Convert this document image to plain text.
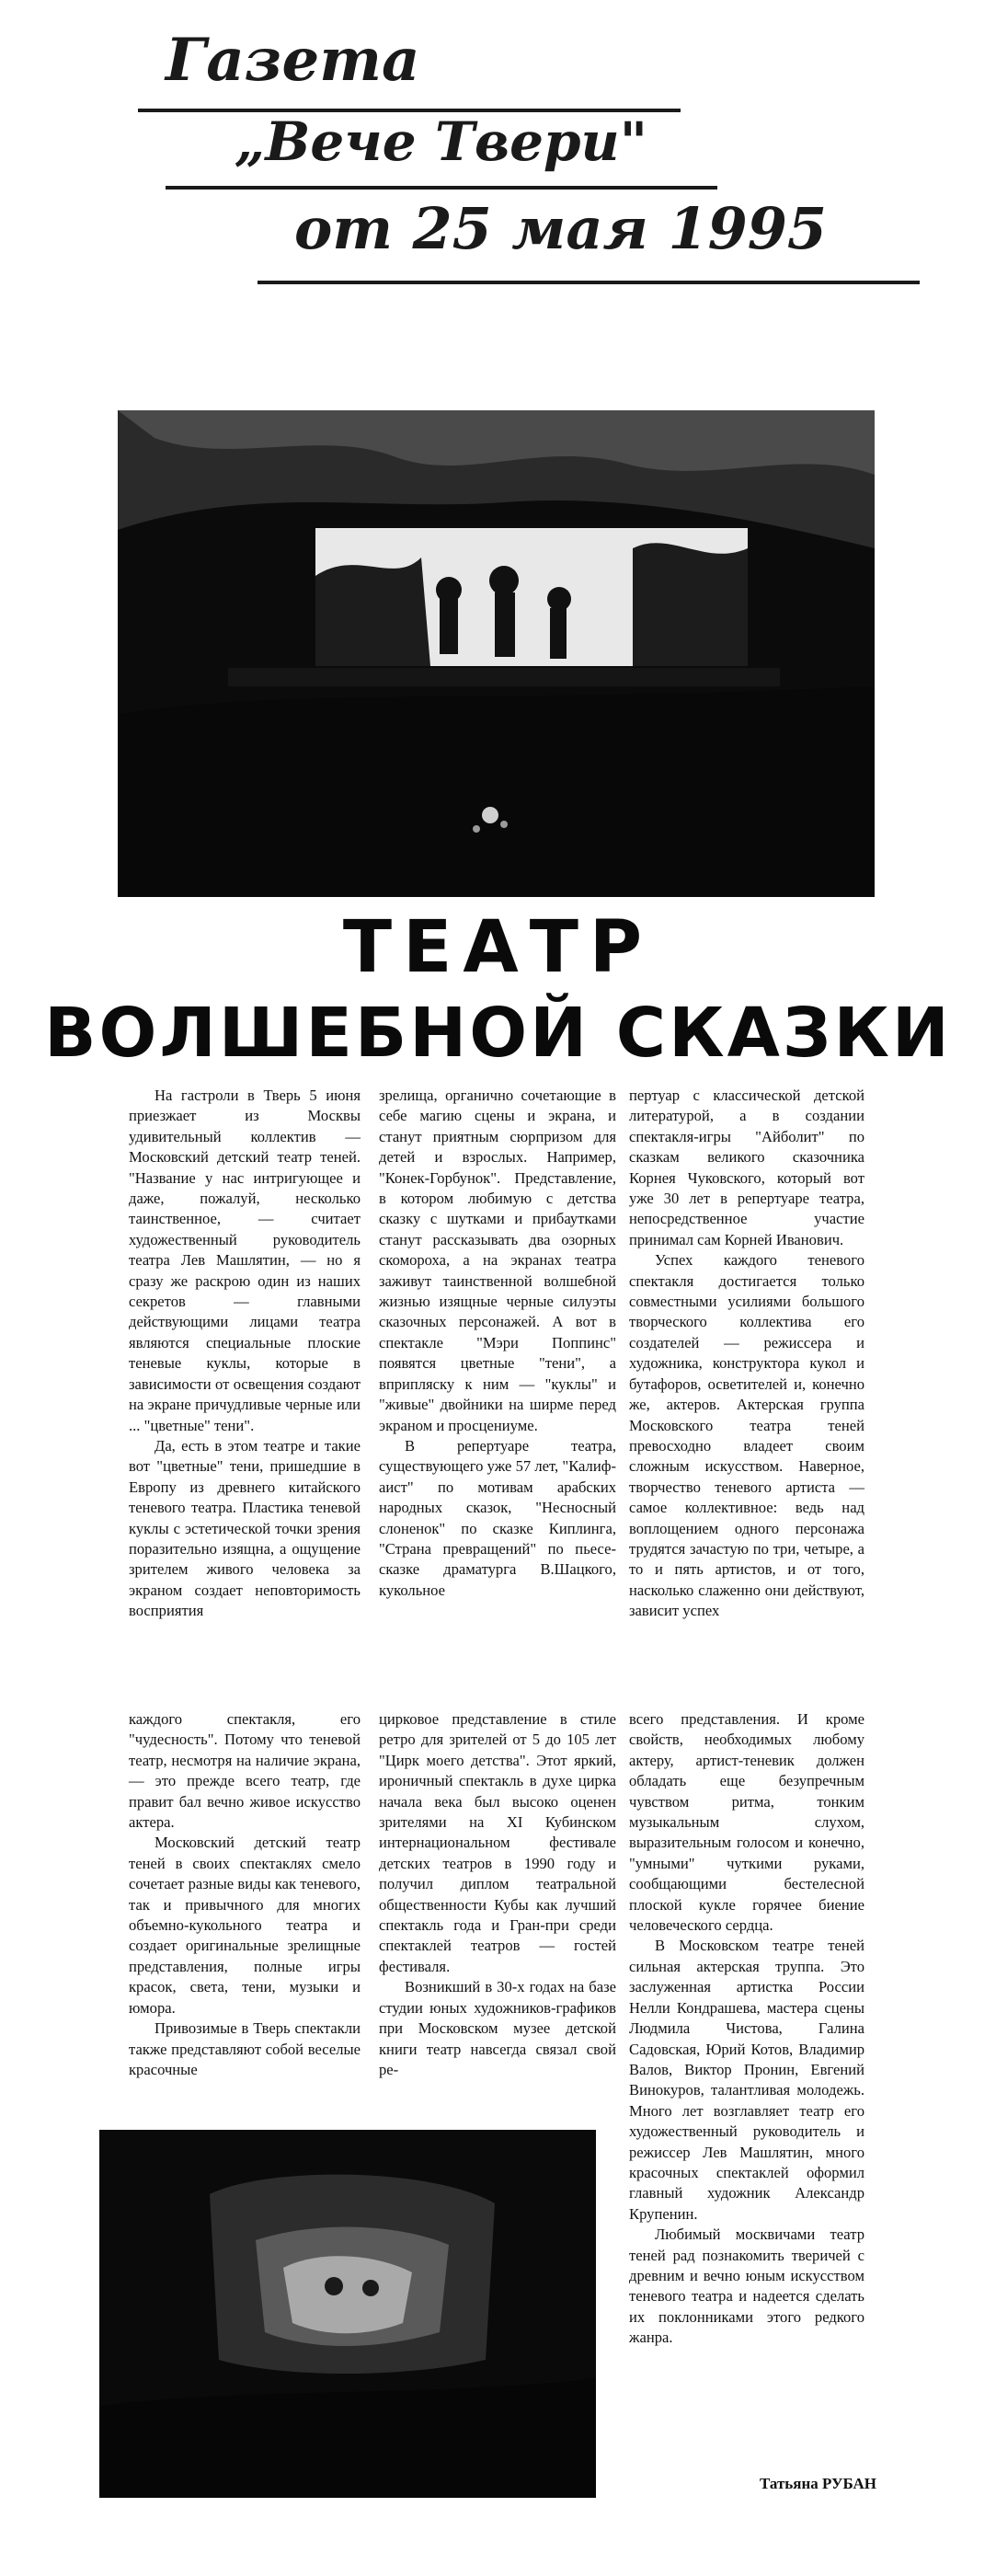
Газета
„Вече Твери"
от 25 мая 1995
ТЕАТР
ВОЛШЕБНОЙ СКАЗКИ

На гастроли в Тверь 5 июня приезжает из Москвы удивительный коллектив — Московский детский театр теней. "Название у нас интригующее и даже, пожалуй, несколько таинственное, — считает художественный руководитель театра Лев Машлятин, — но я сразу же раскрою один из наших секретов — главными действующими лицами театра являются специальные плоские теневые куклы, которые в зависимости от освещения создают на экране причудливые черные или ... "цветные" тени".

Да, есть в этом театре и такие вот "цветные" тени, пришедшие в Европу из древнего китайского теневого театра. Пластика теневой куклы с эстетической точки зрения поразительно изящна, а ощущение зрителем живого человека за экраном создает неповторимость восприятия

зрелища, органично сочетающие в себе магию сцены и экрана, и станут приятным сюрпризом для детей и взрослых. Например, "Конек-Горбунок". Представление, в котором любимую с детства сказку с шутками и прибаутками станут рассказывать два озорных скомороха, а на экранах театра заживут таинственной волшебной жизнью изящные черные силуэты сказочных персонажей. А вот в спектакле "Мэри Поппинс" появятся цветные "тени", а вприпляску к ним — "куклы" и "живые" двойники на ширме перед экраном и просцениуме.

В репертуаре театра, существующего уже 57 лет, "Калиф-аист" по мотивам арабских народных сказок, "Несносный слоненок" по сказке Киплинга, "Страна превращений" по пьесе-сказке драматурга В.Шацкого, кукольное

пертуар с классической детской литературой, а в создании спектакля-игры "Айболит" по сказкам великого сказочника Корнея Чуковского, который вот уже 30 лет в репертуаре театра, непосредственное участие принимал сам Корней Иванович.

Успех каждого теневого спектакля достигается только совместными усилиями большого творческого коллектива его создателей — режиссера и художника, конструктора кукол и бутафоров, осветителей и, конечно же, актеров. Актерская группа Московского театра теней превосходно владеет своим сложным искусством. Наверное, творчество теневого артиста — самое коллективное: ведь над воплощением одного персонажа трудятся зачастую по три, четыре, а то и пять артистов, и от того, насколько слаженно они действуют, зависит успех

каждого спектакля, его "чудесность". Потому что теневой театр, несмотря на наличие экрана, — это прежде всего театр, где правит бал вечно живое искусство актера.

Московский детский театр теней в своих спектаклях смело сочетает разные виды как теневого, так и привычного для многих объемно-кукольного театра и создает оригинальные зрелищные представления, полные игры красок, света, тени, музыки и юмора.

Привозимые в Тверь спектакли также представляют собой веселые красочные

цирковое представление в стиле ретро для зрителей от 5 до 105 лет "Цирк моего детства". Этот яркий, ироничный спектакль в духе цирка начала века был высоко оценен зрителями на XI Кубинском интернациональном фестивале детских театров в 1990 году и получил диплом театральной общественности Кубы как лучший спектакль года и Гран-при среди спектаклей театров — гостей фестиваля.

Возникший в 30-х годах на базе студии юных художников-графиков при Московском музее детской книги театр навсегда связал свой ре-

всего представления. И кроме свойств, необходимых любому актеру, артист-теневик должен обладать еще безупречным чувством ритма, тонким музыкальным слухом, выразительным голосом и конечно, "умными" чуткими руками, сообщающими бестелесной плоской кукле горячее биение человеческого сердца.

В Московском театре теней сильная актерская труппа. Это заслуженная артистка России Нелли Кондрашева, мастера сцены Людмила Чистова, Галина Садовская, Юрий Котов, Владимир Валов, Виктор Пронин, Евгений Винокуров, талантливая молодежь. Много лет возглавляет театр его художественный руководитель и режиссер Лев Машлятин, много красочных спектаклей оформил главный художник Александр Крупенин.

Любимый москвичами театр теней рад познакомить тверичей с древним и вечно юным искусством теневого театра и надеется сделать их поклонниками этого редкого жанра.

Татьяна РУБАН
